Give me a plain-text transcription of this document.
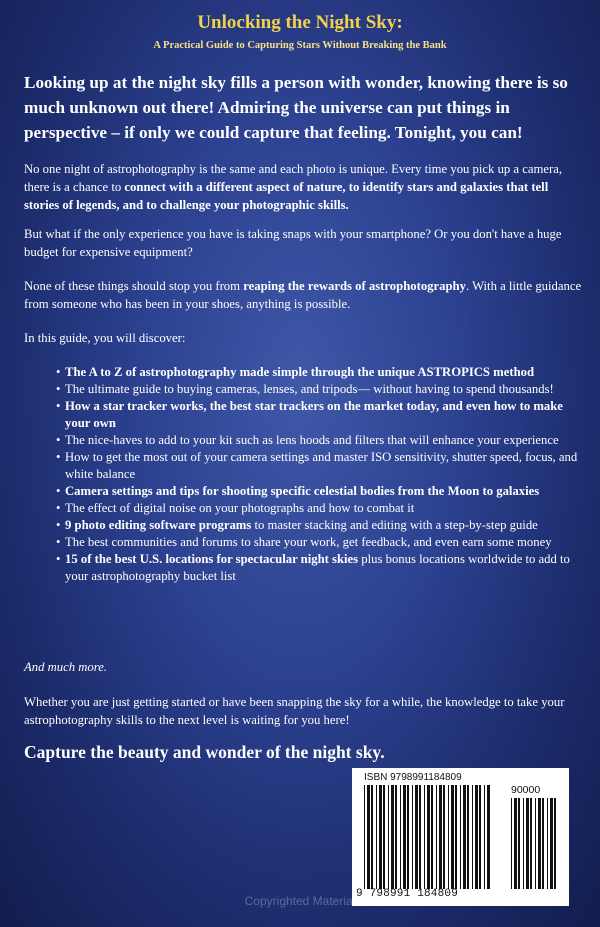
Unlocking the Night Sky:

A Practical Guide to Capturing Stars Without Breaking the Bank

Looking up at the night sky fills a person with wonder, knowing there is so much unknown out there! Admiring the universe can put things in perspective – if only we could capture that feeling. Tonight, you can!

No one night of astrophotography is the same and each photo is unique. Every time you pick up a camera, there is a chance to connect with a different aspect of nature, to identify stars and galaxies that tell stories of legends, and to challenge your photographic skills.

But what if the only experience you have is taking snaps with your smartphone? Or you don't have a huge budget for expensive equipment?

None of these things should stop you from reaping the rewards of astrophotography. With a little guidance from someone who has been in your shoes, anything is possible.

In this guide, you will discover:

• The A to Z of astrophotography made simple through the unique ASTROPICS method
• The ultimate guide to buying cameras, lenses, and tripods— without having to spend thousands!
• How a star tracker works, the best star trackers on the market today, and even how to make your own
• The nice-haves to add to your kit such as lens hoods and filters that will enhance your experience
• How to get the most out of your camera settings and master ISO sensitivity, shutter speed, focus, and white balance
• Camera settings and tips for shooting specific celestial bodies from the Moon to galaxies
• The effect of digital noise on your photographs and how to combat it
• 9 photo editing software programs to master stacking and editing with a step-by-step guide
• The best communities and forums to share your work, get feedback, and even earn some money
• 15 of the best U.S. locations for spectacular night skies plus bonus locations worldwide to add to your astrophotography bucket list

And much more.

Whether you are just getting started or have been snapping the sky for a while, the knowledge to take your astrophotography skills to the next level is waiting for you here!

Capture the beauty and wonder of the night sky.

ISBN 9798991184809
90000
9 798991 184809

Copyrighted Material
